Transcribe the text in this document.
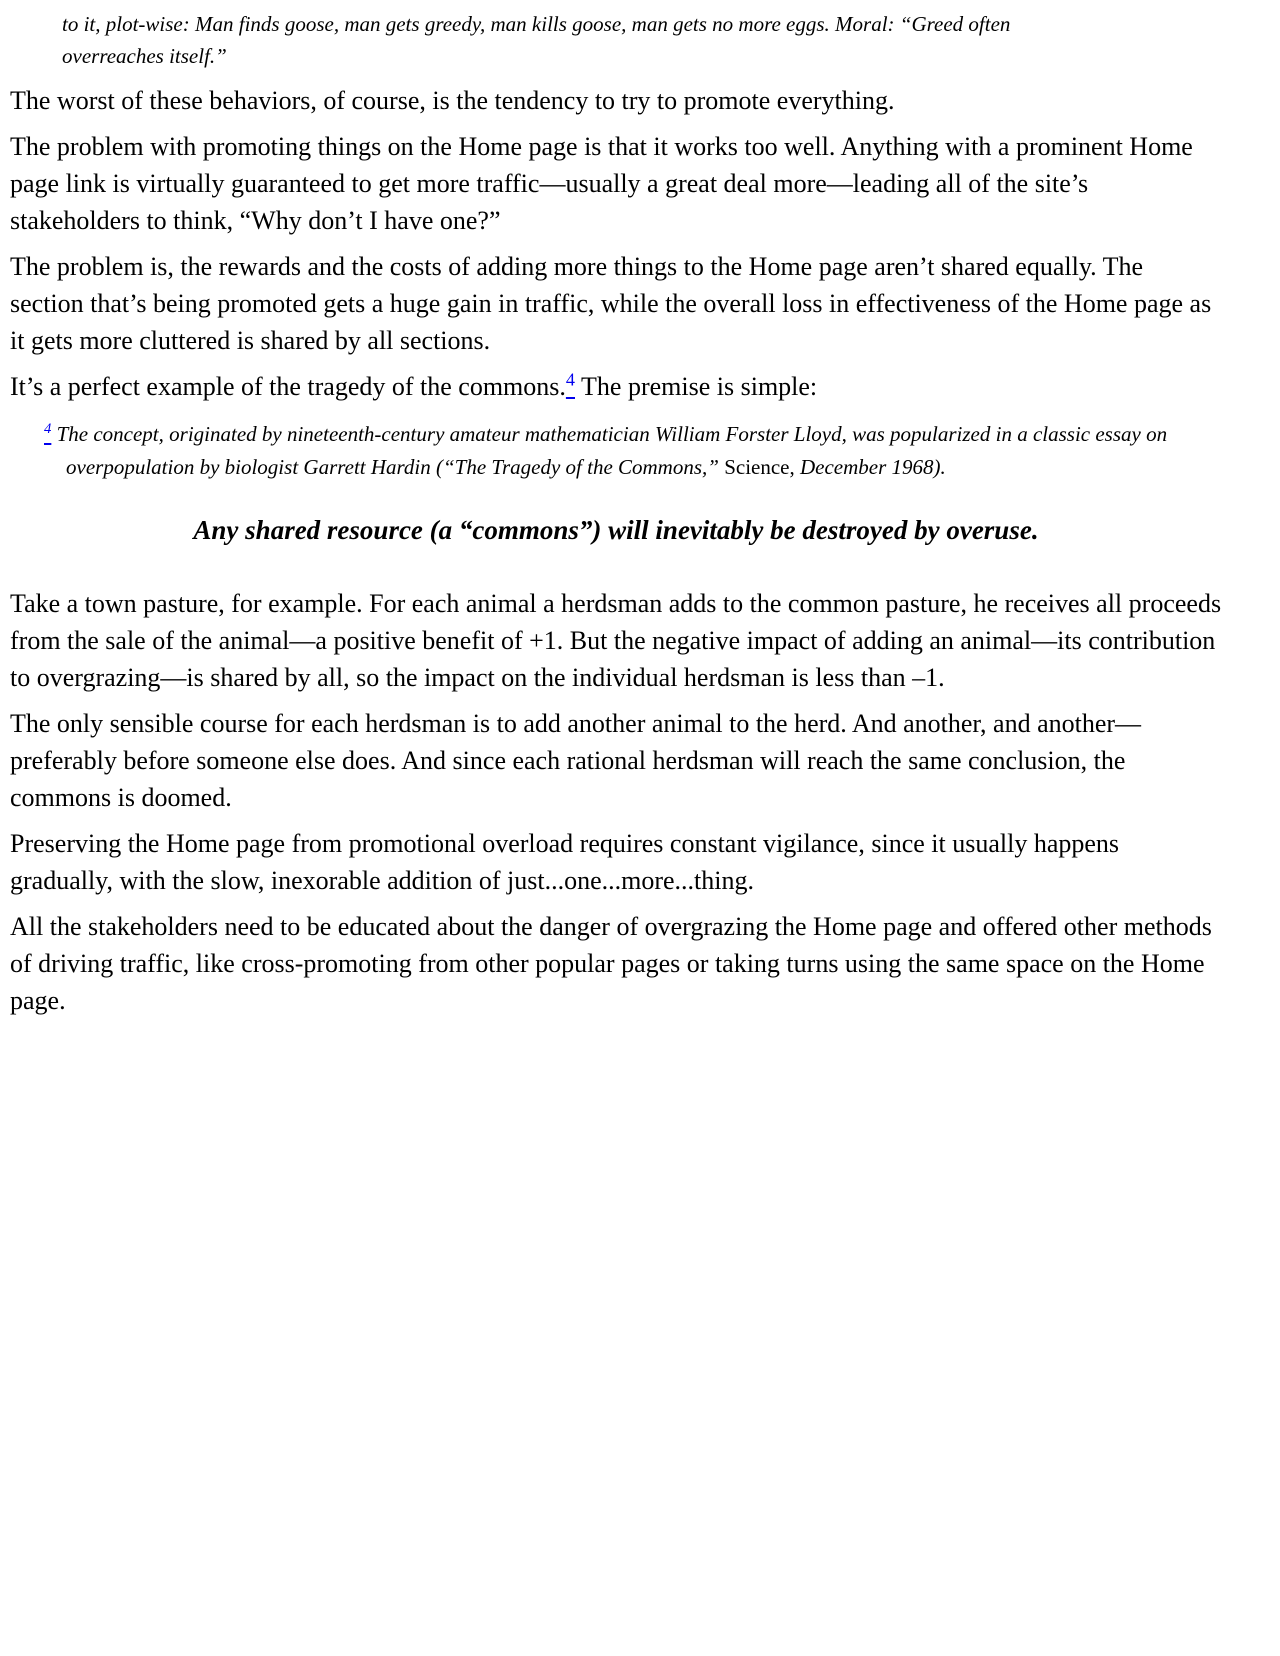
to it, plot-wise: Man finds goose, man gets greedy, man kills goose, man gets no more eggs. Moral: “Greed often overreaches itself.”

The worst of these behaviors, of course, is the tendency to try to promote everything.

The problem with promoting things on the Home page is that it works too well. Anything with a prominent Home page link is virtually guaranteed to get more traffic—usually a great deal more—leading all of the site’s stakeholders to think, “Why don’t I have one?”

The problem is, the rewards and the costs of adding more things to the Home page aren’t shared equally. The section that’s being promoted gets a huge gain in traffic, while the overall loss in effectiveness of the Home page as it gets more cluttered is shared by all sections.

It’s a perfect example of the tragedy of the commons.$^4$ The premise is simple:

$^4$ The concept, originated by nineteenth-century amateur mathematician William Forster Lloyd, was popularized in a classic essay on overpopulation by biologist Garrett Hardin (“The Tragedy of the Commons,” Science, December 1968).
Any shared resource (a “commons”) will inevitably be destroyed by overuse.

Take a town pasture, for example. For each animal a herdsman adds to the common pasture, he receives all proceeds from the sale of the animal—a positive benefit of +1. But the negative impact of adding an animal—its contribution to overgrazing—is shared by all, so the impact on the individual herdsman is less than –1.

The only sensible course for each herdsman is to add another animal to the herd. And another, and another—preferably before someone else does. And since each rational herdsman will reach the same conclusion, the commons is doomed.

Preserving the Home page from promotional overload requires constant vigilance, since it usually happens gradually, with the slow, inexorable addition of just...one...more...thing.

All the stakeholders need to be educated about the danger of overgrazing the Home page and offered other methods of driving traffic, like cross-promoting from other popular pages or taking turns using the same space on the Home page.
